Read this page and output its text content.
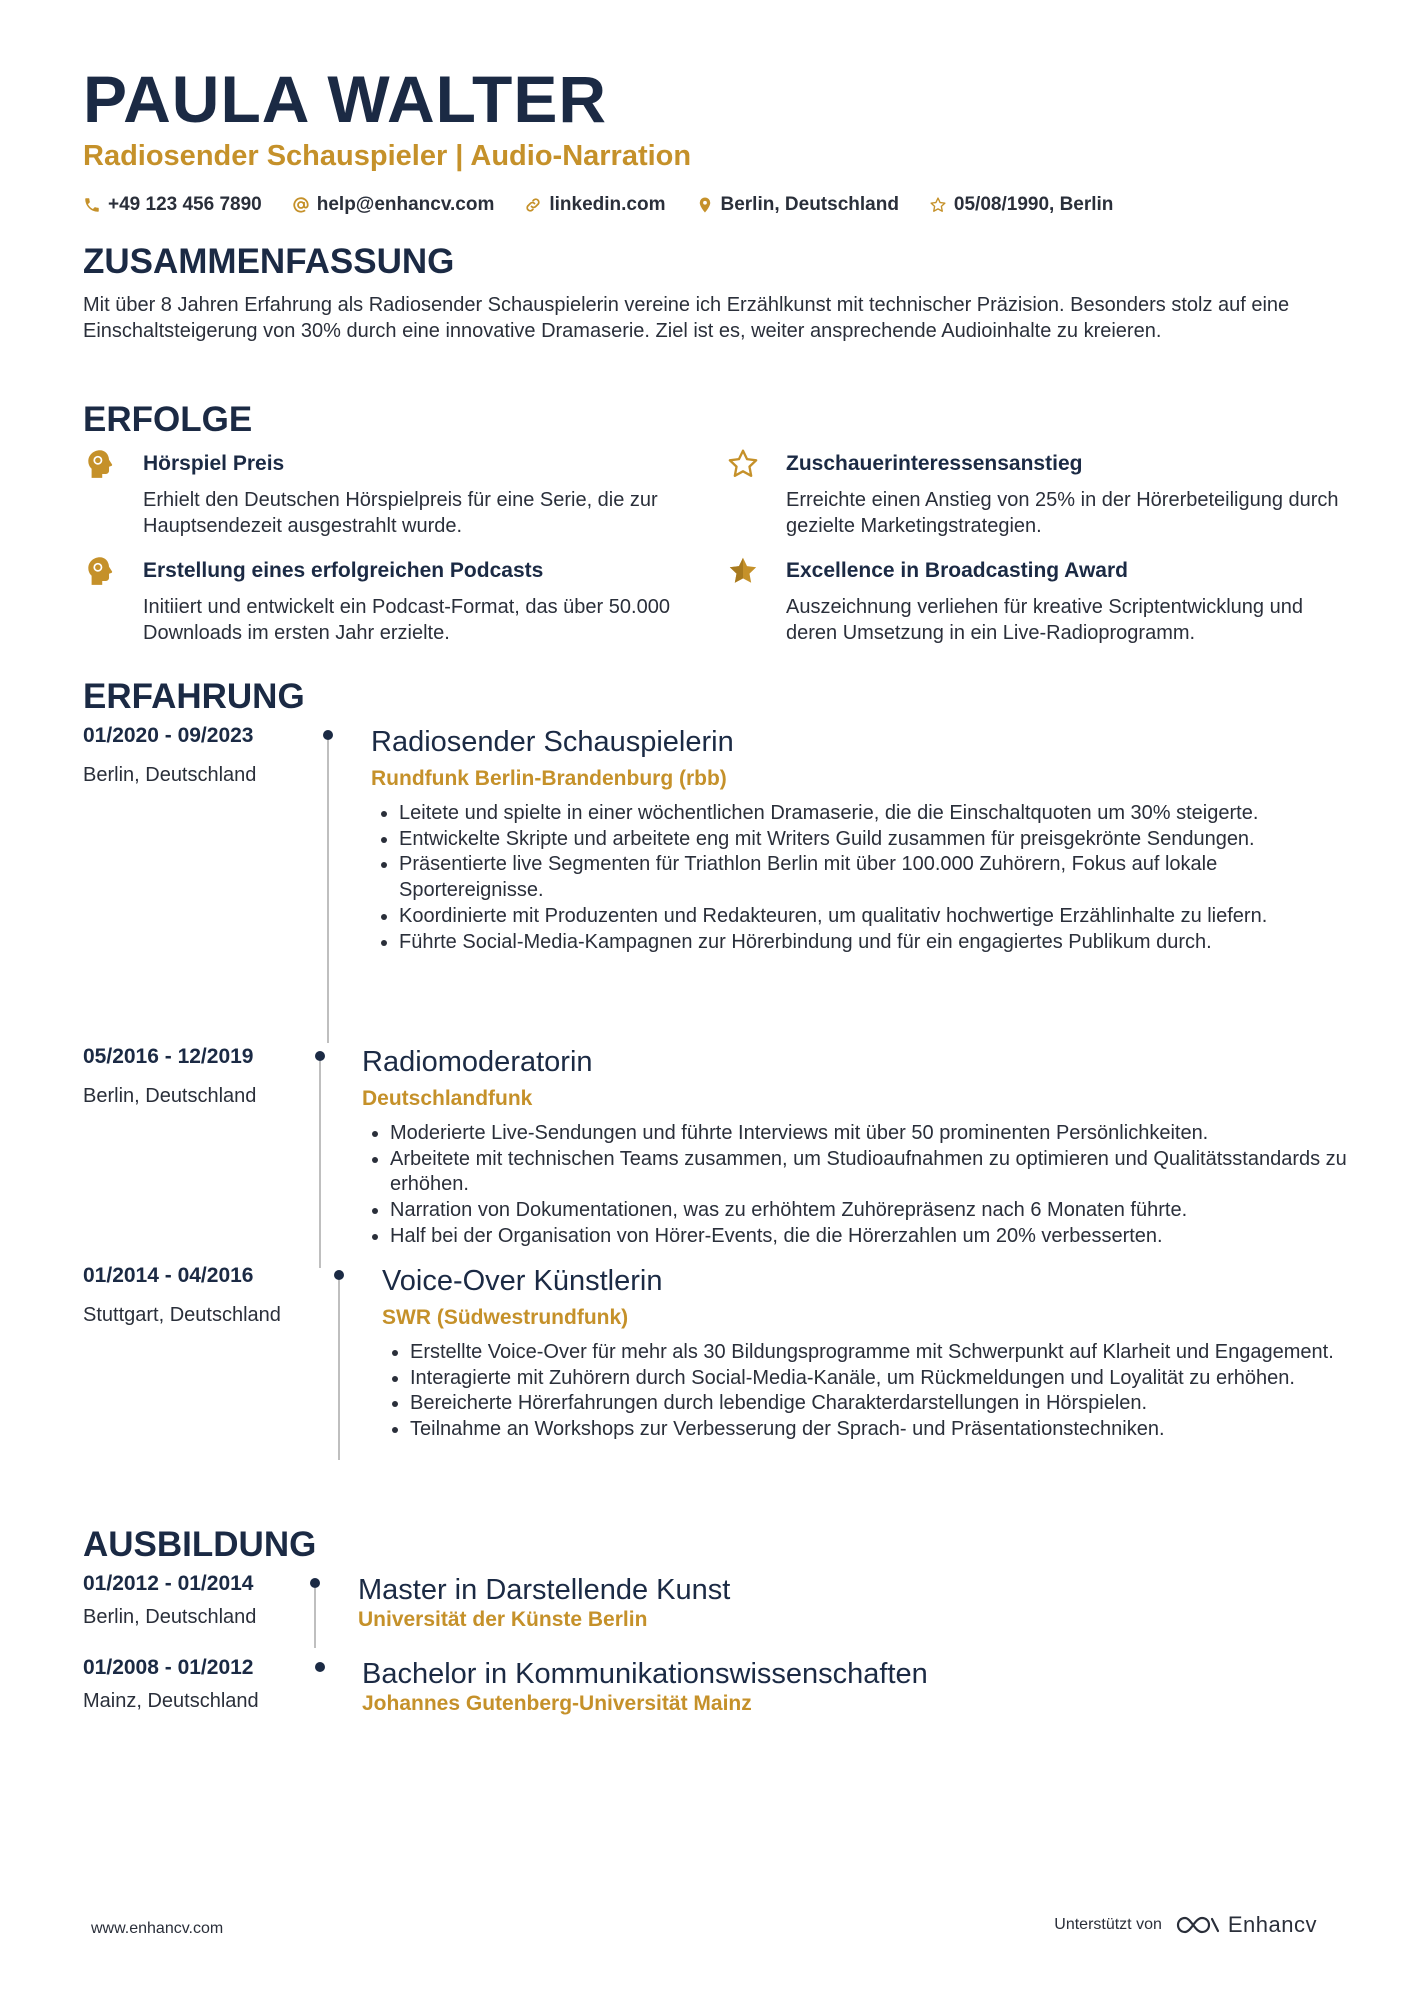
PAULA WALTER
Radiosender Schauspieler | Audio-Narration
+49 123 456 7890	help@enhancv.com	linkedin.com	Berlin, Deutschland	05/08/1990, Berlin
ZUSAMMENFASSUNG

Mit über 8 Jahren Erfahrung als Radiosender Schauspielerin vereine ich Erzählkunst mit technischer Präzision. Besonders stolz auf eine Einschaltsteigerung von 30% durch eine innovative Dramaserie. Ziel ist es, weiter ansprechende Audioinhalte zu kreieren.

ERFOLGE
Hörspiel Preis
Erhielt den Deutschen Hörspielpreis für eine Serie, die zur Hauptsendezeit ausgestrahlt wurde.
Zuschauerinteressensanstieg
Erreichte einen Anstieg von 25% in der Hörerbeteiligung durch gezielte Marketingstrategien.
Erstellung eines erfolgreichen Podcasts
Initiiert und entwickelt ein Podcast-Format, das über 50.000 Downloads im ersten Jahr erzielte.
Excellence in Broadcasting Award
Auszeichnung verliehen für kreative Scriptentwicklung und deren Umsetzung in ein Live-Radioprogramm.
ERFAHRUNG
01/2020 - 09/2023
Berlin, Deutschland
Radiosender Schauspielerin
Rundfunk Berlin-Brandenburg (rbb)
• Leitete und spielte in einer wöchentlichen Dramaserie, die die Einschaltquoten um 30% steigerte.
• Entwickelte Skripte und arbeitete eng mit Writers Guild zusammen für preisgekrönte Sendungen.
• Präsentierte live Segmenten für Triathlon Berlin mit über 100.000 Zuhörern, Fokus auf lokale Sportereignisse.
• Koordinierte mit Produzenten und Redakteuren, um qualitativ hochwertige Erzählinhalte zu liefern.
• Führte Social-Media-Kampagnen zur Hörerbindung und für ein engagiertes Publikum durch.
05/2016 - 12/2019
Berlin, Deutschland
Radiomoderatorin
Deutschlandfunk
• Moderierte Live-Sendungen und führte Interviews mit über 50 prominenten Persönlichkeiten.
• Arbeitete mit technischen Teams zusammen, um Studioaufnahmen zu optimieren und Qualitätsstandards zu erhöhen.
• Narration von Dokumentationen, was zu erhöhtem Zuhörepräsenz nach 6 Monaten führte.
• Half bei der Organisation von Hörer-Events, die die Hörerzahlen um 20% verbesserten.
01/2014 - 04/2016
Stuttgart, Deutschland
Voice-Over Künstlerin
SWR (Südwestrundfunk)
• Erstellte Voice-Over für mehr als 30 Bildungsprogramme mit Schwerpunkt auf Klarheit und Engagement.
• Interagierte mit Zuhörern durch Social-Media-Kanäle, um Rückmeldungen und Loyalität zu erhöhen.
• Bereicherte Hörerfahrungen durch lebendige Charakterdarstellungen in Hörspielen.
• Teilnahme an Workshops zur Verbesserung der Sprach- und Präsentationstechniken.
AUSBILDUNG
01/2012 - 01/2014
Berlin, Deutschland
Master in Darstellende Kunst
Universität der Künste Berlin
01/2008 - 01/2012
Mainz, Deutschland
Bachelor in Kommunikationswissenschaften
Johannes Gutenberg-Universität Mainz
www.enhancv.com	Unterstützt von	Enhancv
